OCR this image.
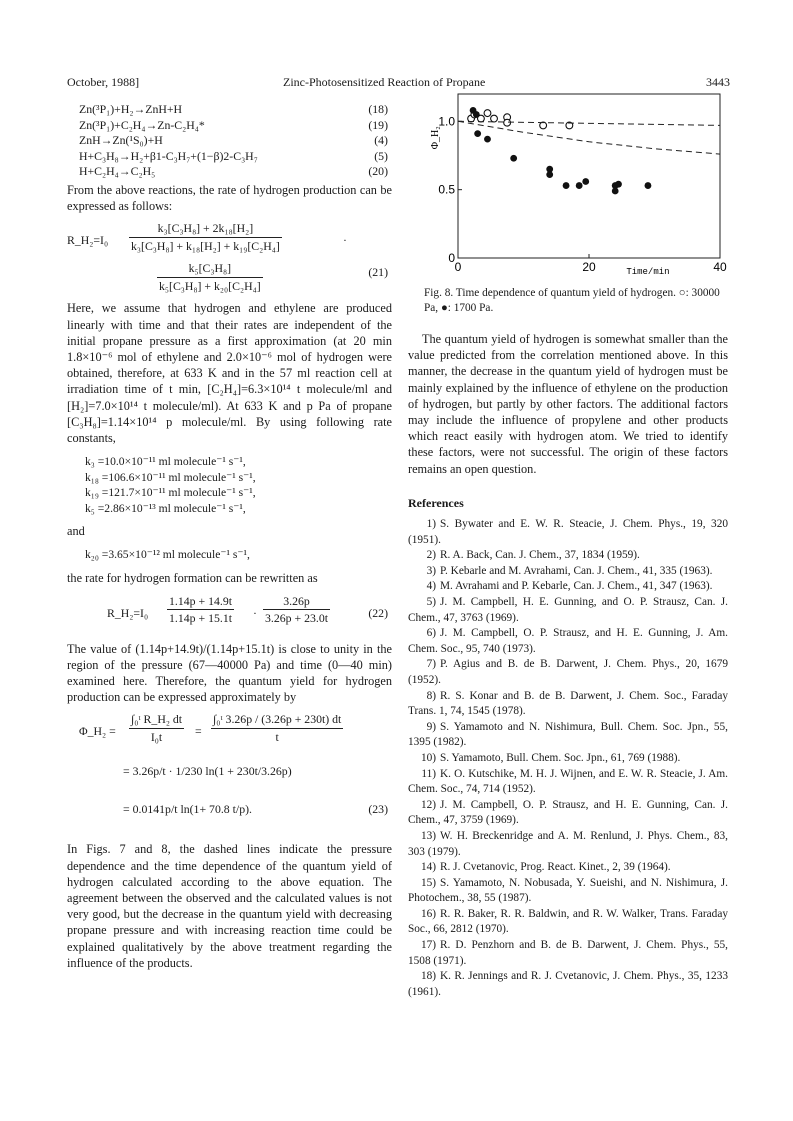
October, 1988]	Zinc-Photosensitized Reaction of Propane	3443
Zn(³P₁)+H₂→ZnH+H	(18)
Zn(³P₁)+C₂H₄→Zn-C₂H₄*	(19)
ZnH→Zn(¹S₀)+H	(4)
H+C₃H₈→H₂+β1-C₃H₇+(1−β)2-C₃H₇	(5)
H+C₂H₄→C₂H₅	(20)

From the above reactions, the rate of hydrogen production can be expressed as follows:

R_H₂=I₀ $\frac{\text{k₃[C₃H₈] + 2k₁₈[H₂]}}{\text{k₃[C₃H₈] + k₁₈[H₂] + k₁₉[C₂H₄]}}$	·
$\frac{\text{k₅[C₃H₈]}}{\text{k₅[C₃H₈] + k₂₀[C₂H₄]}}$	(21)

Here, we assume that hydrogen and ethylene are produced linearly with time and that their rates are independent of the initial propane pressure as a first approximation (at 20 min 1.8×10⁻⁶ mol of ethylene and 2.0×10⁻⁶ mol of hydrogen were obtained, therefore, at 633 K and in the 57 ml reaction cell at irradiation time of t min, [C₂H₄]=6.3×10¹⁴ t molecule/ml and [H₂]=7.0×10¹⁴ t molecule/ml). At 633 K and p Pa of propane [C₃H₈]=1.14×10¹⁴ p molecule/ml. By using following rate constants,

k₃ =10.0×10⁻¹¹ ml molecule⁻¹ s⁻¹,
k₁₈ =106.6×10⁻¹¹ ml molecule⁻¹ s⁻¹,
k₁₉ =121.7×10⁻¹¹ ml molecule⁻¹ s⁻¹,
k₅ =2.86×10⁻¹³ ml molecule⁻¹ s⁻¹,
and
k₂₀ =3.65×10⁻¹² ml molecule⁻¹ s⁻¹,

the rate for hydrogen formation can be rewritten as

R_H₂=I₀ $\frac{1.14p + 14.9t}{1.14p + 15.1t} \cdot \frac{3.26p}{3.26p + 23.0t}$	(22)

The value of (1.14p+14.9t)/(1.14p+15.1t) is close to unity in the region of the pressure (67—40000 Pa) and time (0—40 min) examined here. Therefore, the quantum yield for hydrogen production can be expressed approximately by

Φ_H₂ = $\frac{\text{∫₀ᵗ R\_H₂ dt}}{\text{I₀t}} = \frac{\text{∫₀ᵗ 3.26p / (3.26p + 230t) dt}}{t}$
= 3.26p/t · 1/230 ln(1 + 230t/3.26p)
= 0.0141p/t ln(1+ 70.8 t/p).	(23)

In Figs. 7 and 8, the dashed lines indicate the pressure dependence and the time dependence of the quantum yield of hydrogen calculated according to the above equation. The agreement between the observed and the calculated values is not very good, but the decrease in the quantum yield with decreasing propane pressure and with increasing reaction time could be explained qualitatively by the above treatment regarding the influence of the products.

1.0
0.5
0
0	20	40
Time/min
Φ_H₂
Fig. 8. Time dependence of quantum yield of hydrogen. ○: 30000 Pa, ●: 1700 Pa.

The quantum yield of hydrogen is somewhat smaller than the value predicted from the correlation mentioned above. In this manner, the decrease in the quantum yield of hydrogen must be mainly explained by the influence of ethylene on the production of hydrogen, but partly by other factors. The additional factors may include the influence of propylene and other products which react easily with hydrogen atom. We tried to identify these factors, were not successful. The origin of these factors remains an open question.

References

1) S. Bywater and E. W. R. Steacie, J. Chem. Phys., 19, 320 (1951).

2) R. A. Back, Can. J. Chem., 37, 1834 (1959).

3) P. Kebarle and M. Avrahami, Can. J. Chem., 41, 335 (1963).

4) M. Avrahami and P. Kebarle, Can. J. Chem., 41, 347 (1963).

5) J. M. Campbell, H. E. Gunning, and O. P. Strausz, Can. J. Chem., 47, 3763 (1969).

6) J. M. Campbell, O. P. Strausz, and H. E. Gunning, J. Am. Chem. Soc., 95, 740 (1973).

7) P. Agius and B. de B. Darwent, J. Chem. Phys., 20, 1679 (1952).

8) R. S. Konar and B. de B. Darwent, J. Chem. Soc., Faraday Trans. 1, 74, 1545 (1978).

9) S. Yamamoto and N. Nishimura, Bull. Chem. Soc. Jpn., 55, 1395 (1982).

10) S. Yamamoto, Bull. Chem. Soc. Jpn., 61, 769 (1988).

11) K. O. Kutschike, M. H. J. Wijnen, and E. W. R. Steacie, J. Am. Chem. Soc., 74, 714 (1952).

12) J. M. Campbell, O. P. Strausz, and H. E. Gunning, Can. J. Chem., 47, 3759 (1969).

13) W. H. Breckenridge and A. M. Renlund, J. Phys. Chem., 83, 303 (1979).

14) R. J. Cvetanovic, Prog. React. Kinet., 2, 39 (1964).

15) S. Yamamoto, N. Nobusada, Y. Sueishi, and N. Nishimura, J. Photochem., 38, 55 (1987).

16) R. R. Baker, R. R. Baldwin, and R. W. Walker, Trans. Faraday Soc., 66, 2812 (1970).

17) R. D. Penzhorn and B. de B. Darwent, J. Chem. Phys., 55, 1508 (1971).

18) K. R. Jennings and R. J. Cvetanovic, J. Chem. Phys., 35, 1233 (1961).
